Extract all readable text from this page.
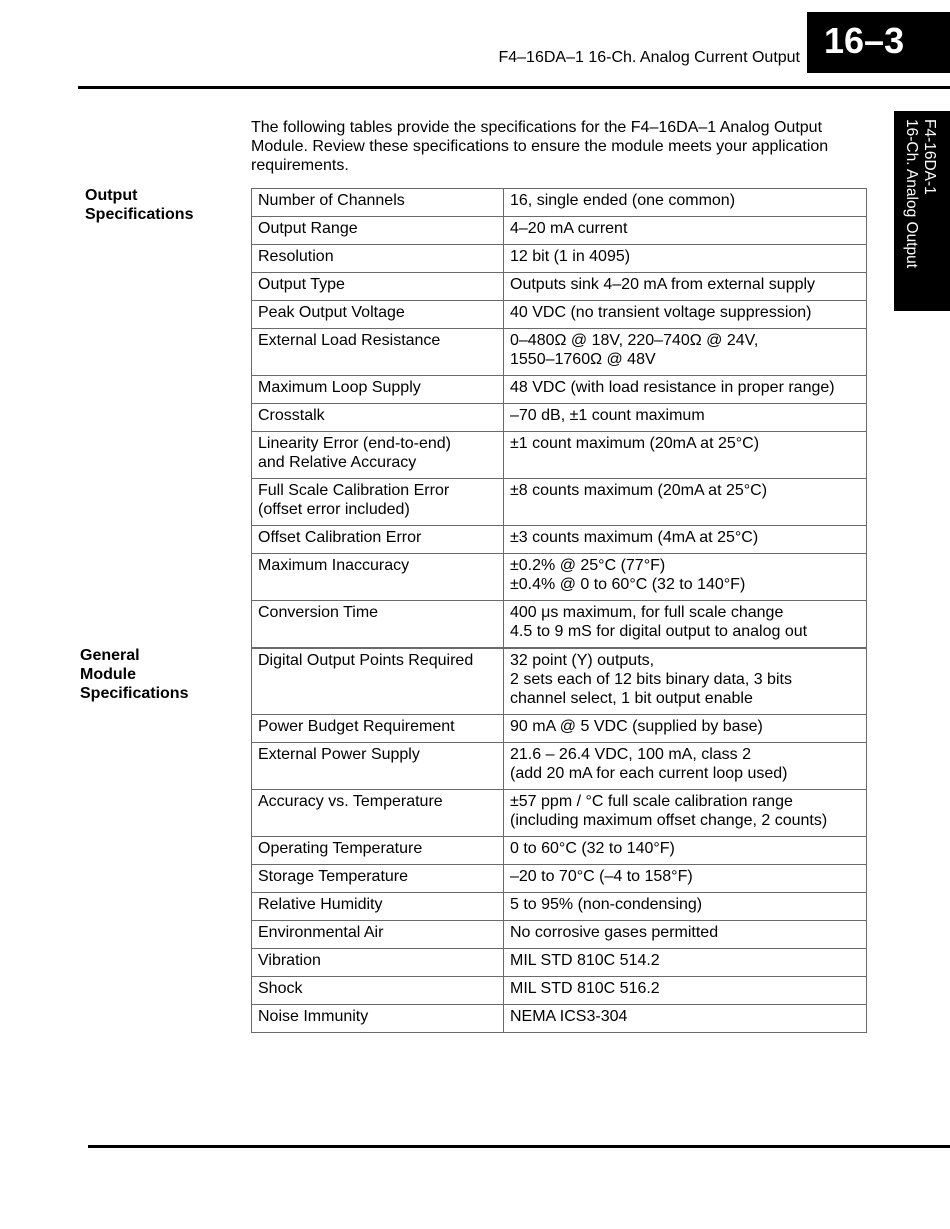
F4–16DA–1 16-Ch. Analog Current Output 16–3
F4-16DA-1
16-Ch. Analog Output
The following tables provide the specifications for the F4–16DA–1 Analog Output Module. Review these specifications to ensure the module meets your application requirements.
Output
Specifications
Number of Channels	16, single ended (one common)
Output Range	4–20 mA current
Resolution	12 bit (1 in 4095)
Output Type	Outputs sink 4–20 mA from external supply
Peak Output Voltage	40 VDC (no transient voltage suppression)
External Load Resistance	0–480Ω @ 18V, 220–740Ω @ 24V,
1550–1760Ω @ 48V
Maximum Loop Supply	48 VDC (with load resistance in proper range)
Crosstalk	–70 dB, ±1 count maximum
Linearity Error (end-to-end)
and Relative Accuracy	±1 count maximum (20mA at 25°C)
Full Scale Calibration Error
(offset error included)	±8 counts maximum (20mA at 25°C)
Offset Calibration Error	±3 counts maximum (4mA at 25°C)
Maximum Inaccuracy	±0.2% @ 25°C (77°F)
±0.4% @ 0 to 60°C (32 to 140°F)
Conversion Time	400 μs maximum, for full scale change
4.5 to 9 mS for digital output to analog out
General
Module
Specifications
Digital Output Points Required	32 point (Y) outputs,
2 sets each of 12 bits binary data, 3 bits
channel select, 1 bit output enable
Power Budget Requirement	90 mA @ 5 VDC (supplied by base)
External Power Supply	21.6 – 26.4 VDC, 100 mA, class 2
(add 20 mA for each current loop used)
Accuracy vs. Temperature	±57 ppm / °C full scale calibration range
(including maximum offset change, 2 counts)
Operating Temperature	0 to 60°C (32 to 140°F)
Storage Temperature	–20 to 70°C (–4 to 158°F)
Relative Humidity	5 to 95% (non-condensing)
Environmental Air	No corrosive gases permitted
Vibration	MIL STD 810C 514.2
Shock	MIL STD 810C 516.2
Noise Immunity	NEMA ICS3-304
